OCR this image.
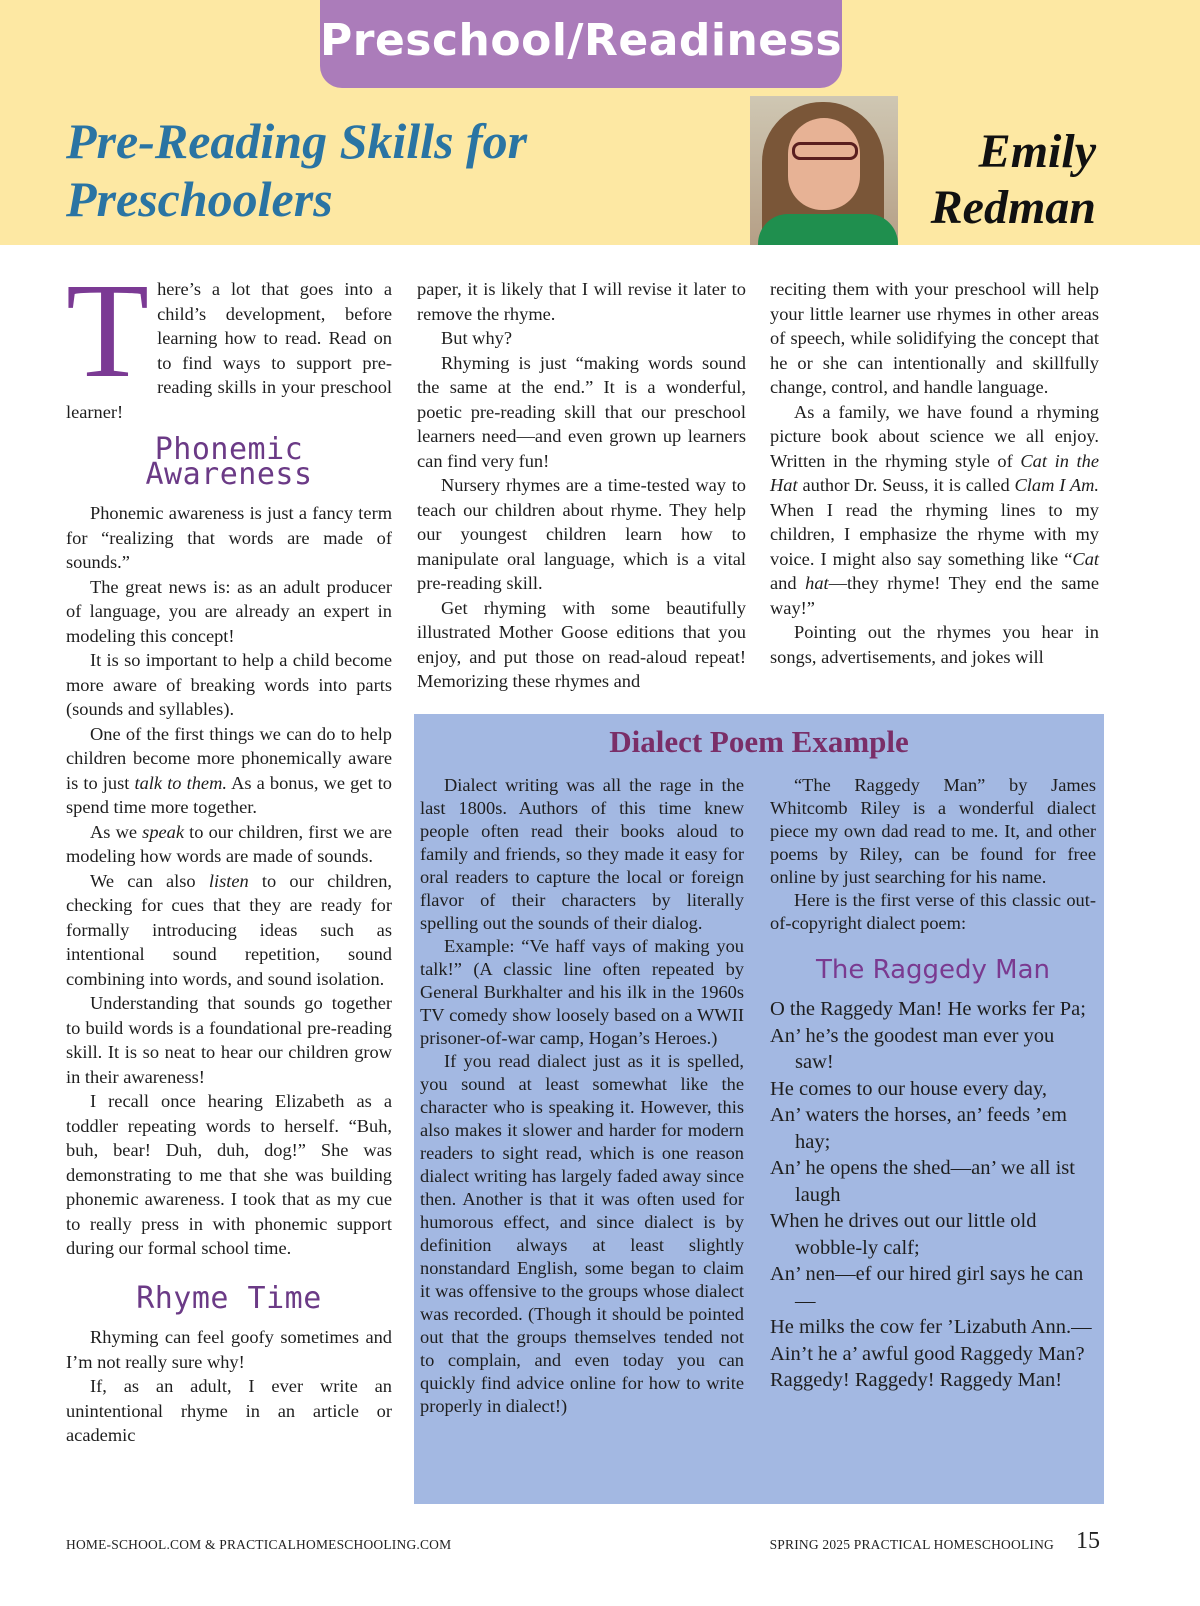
Preschool/Readiness
Pre-Reading Skills for
Preschoolers
Emily
Redman

There’s a lot that goes into a child’s development, before learning how to read. Read on to find ways to support pre-reading skills in your preschool learner!

Phonemic Awareness

Phonemic awareness is just a fancy term for “realizing that words are made of sounds.”

The great news is: as an adult producer of language, you are already an expert in modeling this concept!

It is so important to help a child become more aware of breaking words into parts (sounds and syllables).

One of the first things we can do to help children become more phonemically aware is to just talk to them. As a bonus, we get to spend time more together.

As we speak to our children, first we are modeling how words are made of sounds.

We can also listen to our children, checking for cues that they are ready for formally introducing ideas such as intentional sound repetition, sound combining into words, and sound isolation.

Understanding that sounds go together to build words is a foundational pre-reading skill. It is so neat to hear our children grow in their awareness!

I recall once hearing Elizabeth as a toddler repeating words to herself. “Buh, buh, bear! Duh, duh, dog!” She was demonstrating to me that she was building phonemic awareness. I took that as my cue to really press in with phonemic support during our formal school time.

Rhyme Time

Rhyming can feel goofy sometimes and I’m not really sure why!

If, as an adult, I ever write an unintentional rhyme in an article or academic

paper, it is likely that I will revise it later to remove the rhyme.

But why?

Rhyming is just “making words sound the same at the end.” It is a wonderful, poetic pre-reading skill that our preschool learners need—and even grown up learners can find very fun!

Nursery rhymes are a time-tested way to teach our children about rhyme. They help our youngest children learn how to manipulate oral language, which is a vital pre-reading skill.

Get rhyming with some beautifully illustrated Mother Goose editions that you enjoy, and put those on read-aloud repeat! Memorizing these rhymes and

reciting them with your preschool will help your little learner use rhymes in other areas of speech, while solidifying the concept that he or she can intentionally and skillfully change, control, and handle language.

As a family, we have found a rhyming picture book about science we all enjoy. Written in the rhyming style of Cat in the Hat author Dr. Seuss, it is called Clam I Am. When I read the rhyming lines to my children, I emphasize the rhyme with my voice. I might also say something like “Cat and hat—they rhyme! They end the same way!”

Pointing out the rhymes you hear in songs, advertisements, and jokes will

Dialect Poem Example

Dialect writing was all the rage in the last 1800s. Authors of this time knew people often read their books aloud to family and friends, so they made it easy for oral readers to capture the local or foreign flavor of their characters by literally spelling out the sounds of their dialog.

Example: “Ve haff vays of making you talk!” (A classic line often repeated by General Burkhalter and his ilk in the 1960s TV comedy show loosely based on a WWII prisoner-of-war camp, Hogan’s Heroes.)

If you read dialect just as it is spelled, you sound at least somewhat like the character who is speaking it. However, this also makes it slower and harder for modern readers to sight read, which is one reason dialect writing has largely faded away since then. Another is that it was often used for humorous effect, and since dialect is by definition always at least slightly nonstandard English, some began to claim it was offensive to the groups whose dialect was recorded. (Though it should be pointed out that the groups themselves tended not to complain, and even today you can quickly find advice online for how to write properly in dialect!)

“The Raggedy Man” by James Whitcomb Riley is a wonderful dialect piece my own dad read to me. It, and other poems by Riley, can be found for free online by just searching for his name.

Here is the first verse of this classic out-of-copyright dialect poem:

The Raggedy Man
O the Raggedy Man! He works fer Pa;
An’ he’s the goodest man ever you saw!
He comes to our house every day,
An’ waters the horses, an’ feeds ’em hay;
An’ he opens the shed—an’ we all ist laugh
When he drives out our little old wobble-ly calf;
An’ nen—ef our hired girl says he can—
He milks the cow fer ’Lizabuth Ann.—
Ain’t he a’ awful good Raggedy Man?
Raggedy! Raggedy! Raggedy Man!
HOME-SCHOOL.COM & PRACTICALHOMESCHOOLING.COM	SPRING 2025 PRACTICAL HOMESCHOOLING 15
